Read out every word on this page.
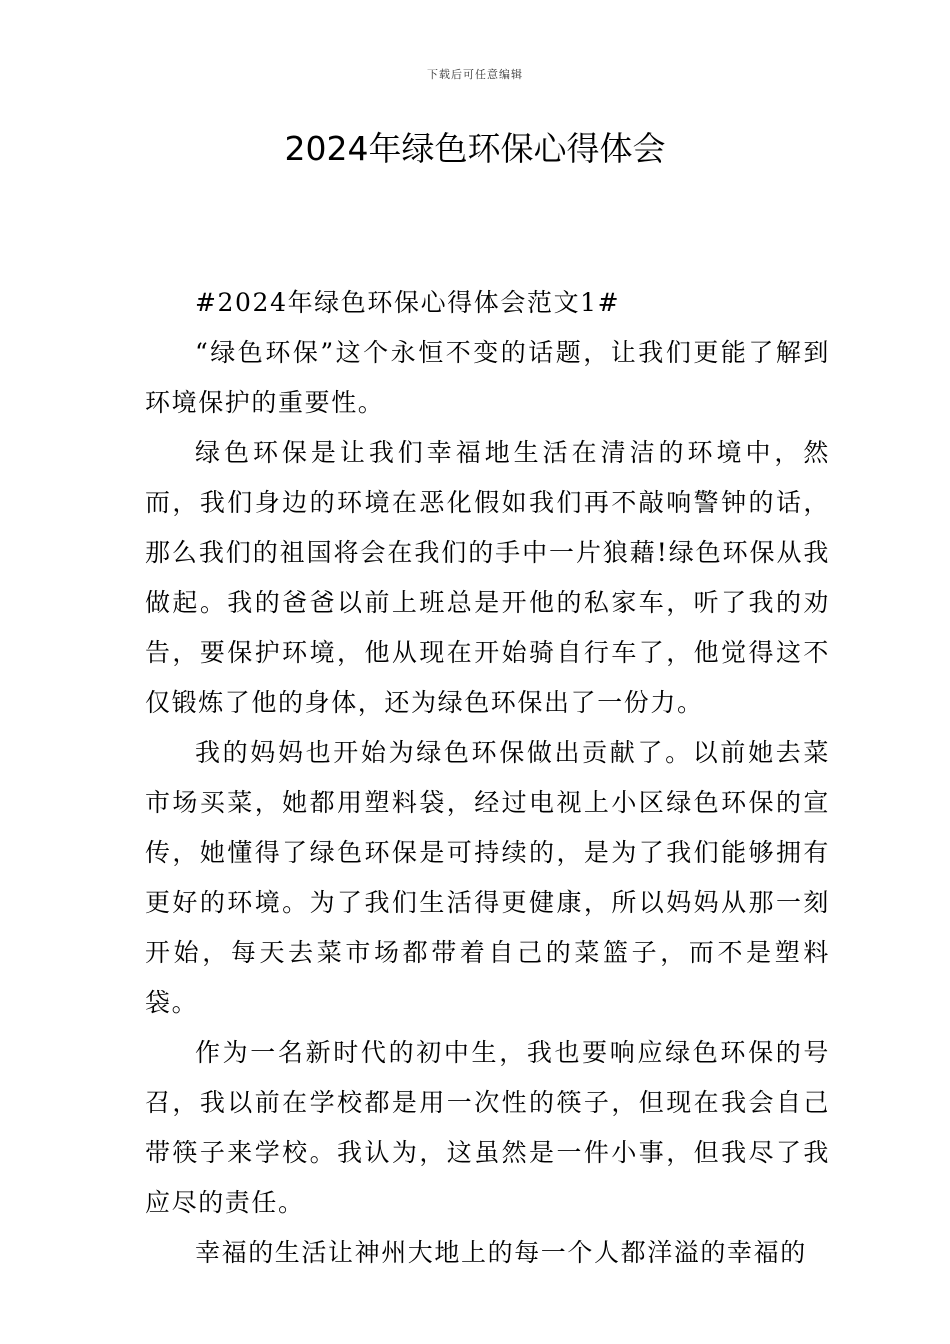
下载后可任意编辑
2024年绿色环保心得体会

#2024年绿色环保心得体会范文1#

“绿色环保”这个永恒不变的话题，让我们更能了解到环境保护的重要性。

绿色环保是让我们幸福地生活在清洁的环境中，然而，我们身边的环境在恶化假如我们再不敲响警钟的话，那么我们的祖国将会在我们的手中一片狼藉!绿色环保从我做起。我的爸爸以前上班总是开他的私家车，听了我的劝告，要保护环境，他从现在开始骑自行车了，他觉得这不仅锻炼了他的身体，还为绿色环保出了一份力。

我的妈妈也开始为绿色环保做出贡献了。以前她去菜市场买菜，她都用塑料袋，经过电视上小区绿色环保的宣传，她懂得了绿色环保是可持续的，是为了我们能够拥有更好的环境。为了我们生活得更健康，所以妈妈从那一刻开始，每天去菜市场都带着自己的菜篮子，而不是塑料袋。

作为一名新时代的初中生，我也要响应绿色环保的号召，我以前在学校都是用一次性的筷子，但现在我会自己带筷子来学校。我认为，这虽然是一件小事，但我尽了我应尽的责任。

幸福的生活让神州大地上的每一个人都洋溢的幸福的
